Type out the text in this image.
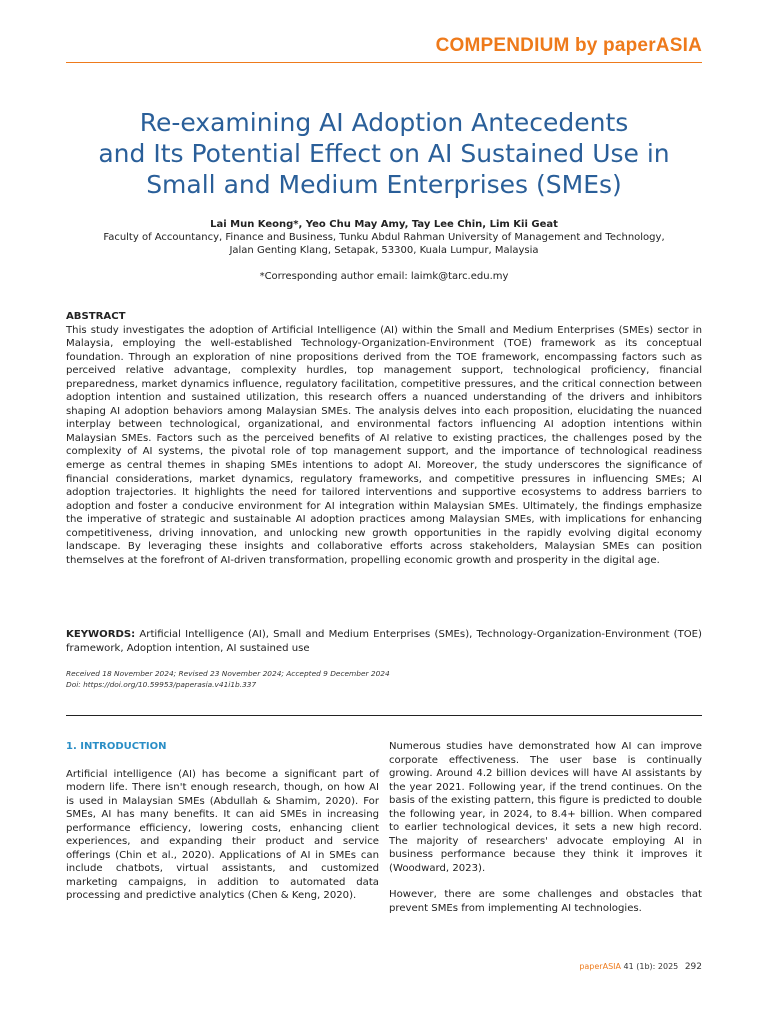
COMPENDIUM by paperASIA
Re-examining AI Adoption Antecedents
and Its Potential Effect on AI Sustained Use in
Small and Medium Enterprises (SMEs)
Lai Mun Keong*, Yeo Chu May Amy, Tay Lee Chin, Lim Kii Geat
Faculty of Accountancy, Finance and Business, Tunku Abdul Rahman University of Management and Technology,
Jalan Genting Klang, Setapak, 53300, Kuala Lumpur, Malaysia
*Corresponding author email: laimk@tarc.edu.my
ABSTRACT
This study investigates the adoption of Artificial Intelligence (AI) within the Small and Medium Enterprises (SMEs) sector in Malaysia, employing the well-established Technology-Organization-Environment (TOE) framework as its conceptual foundation. Through an exploration of nine propositions derived from the TOE framework, encompassing factors such as perceived relative advantage, complexity hurdles, top management support, technological proficiency, financial preparedness, market dynamics influence, regulatory facilitation, competitive pressures, and the critical connection between adoption intention and sustained utilization, this research offers a nuanced understanding of the drivers and inhibitors shaping AI adoption behaviors among Malaysian SMEs. The analysis delves into each proposition, elucidating the nuanced interplay between technological, organizational, and environmental factors influencing AI adoption intentions within Malaysian SMEs. Factors such as the perceived benefits of AI relative to existing practices, the challenges posed by the complexity of AI systems, the pivotal role of top management support, and the importance of technological readiness emerge as central themes in shaping SMEs intentions to adopt AI. Moreover, the study underscores the significance of financial considerations, market dynamics, regulatory frameworks, and competitive pressures in influencing SMEs; AI adoption trajectories. It highlights the need for tailored interventions and supportive ecosystems to address barriers to adoption and foster a conducive environment for AI integration within Malaysian SMEs. Ultimately, the findings emphasize the imperative of strategic and sustainable AI adoption practices among Malaysian SMEs, with implications for enhancing competitiveness, driving innovation, and unlocking new growth opportunities in the rapidly evolving digital economy landscape. By leveraging these insights and collaborative efforts across stakeholders, Malaysian SMEs can position themselves at the forefront of AI-driven transformation, propelling economic growth and prosperity in the digital age.
KEYWORDS: Artificial Intelligence (AI), Small and Medium Enterprises (SMEs), Technology-Organization-Environment (TOE) framework, Adoption intention, AI sustained use
Received 18 November 2024; Revised 23 November 2024; Accepted 9 December 2024
Doi: https://doi.org/10.59953/paperasia.v41i1b.337
1. INTRODUCTION

Artificial intelligence (AI) has become a significant part of modern life. There isn't enough research, though, on how AI is used in Malaysian SMEs (Abdullah & Shamim, 2020). For SMEs, AI has many benefits. It can aid SMEs in increasing performance efficiency, lowering costs, enhancing client experiences, and expanding their product and service offerings (Chin et al., 2020). Applications of AI in SMEs can include chatbots, virtual assistants, and customized marketing campaigns, in addition to automated data processing and predictive analytics (Chen & Keng, 2020).

Numerous studies have demonstrated how AI can improve corporate effectiveness. The user base is continually growing. Around 4.2 billion devices will have AI assistants by the year 2021. Following year, if the trend continues. On the basis of the existing pattern, this figure is predicted to double the following year, in 2024, to 8.4+ billion. When compared to earlier technological devices, it sets a new high record. The majority of researchers' advocate employing AI in business performance because they think it improves it (Woodward, 2023).

However, there are some challenges and obstacles that prevent SMEs from implementing AI technologies.

paperASIA 41 (1b): 2025 292
